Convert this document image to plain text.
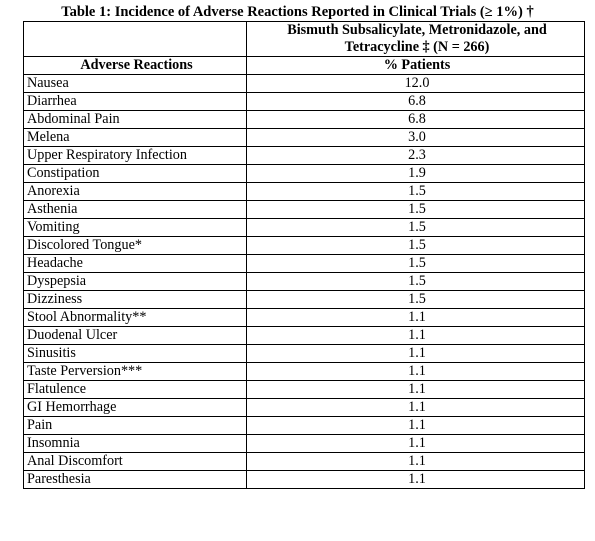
Table 1: Incidence of Adverse Reactions Reported in Clinical Trials (≥ 1%) †
	Bismuth Subsalicylate, Metronidazole, and
Tetracycline ‡ (N = 266)
Adverse Reactions	% Patients
Nausea	12.0
Diarrhea	6.8
Abdominal Pain	6.8
Melena	3.0
Upper Respiratory Infection	2.3
Constipation	1.9
Anorexia	1.5
Asthenia	1.5
Vomiting	1.5
Discolored Tongue*	1.5
Headache	1.5
Dyspepsia	1.5
Dizziness	1.5
Stool Abnormality**	1.1
Duodenal Ulcer	1.1
Sinusitis	1.1
Taste Perversion***	1.1
Flatulence	1.1
GI Hemorrhage	1.1
Pain	1.1
Insomnia	1.1
Anal Discomfort	1.1
Paresthesia	1.1
